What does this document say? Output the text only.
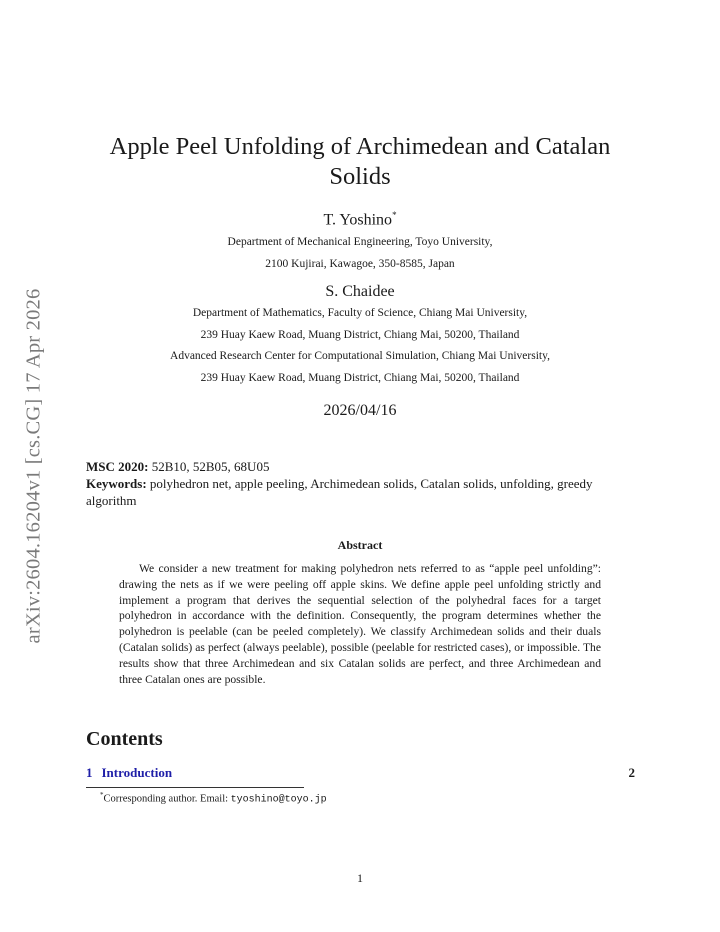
arXiv:2604.16204v1 [cs.CG] 17 Apr 2026
Apple Peel Unfolding of Archimedean and Catalan
Solids
T. Yoshino*
Department of Mechanical Engineering, Toyo University,
2100 Kujirai, Kawagoe, 350-8585, Japan
S. Chaidee
Department of Mathematics, Faculty of Science, Chiang Mai University,
239 Huay Kaew Road, Muang District, Chiang Mai, 50200, Thailand
Advanced Research Center for Computational Simulation, Chiang Mai University,
239 Huay Kaew Road, Muang District, Chiang Mai, 50200, Thailand
2026/04/16
MSC 2020: 52B10, 52B05, 68U05
Keywords: polyhedron net, apple peeling, Archimedean solids, Catalan solids, unfolding, greedy algorithm
Abstract
We consider a new treatment for making polyhedron nets referred to as “apple peel unfolding”: drawing the nets as if we were peeling off apple skins. We define apple peel unfolding strictly and implement a program that derives the sequential selection of the polyhedral faces for a target polyhedron in accordance with the definition. Consequently, the program determines whether the polyhedron is peelable (can be peeled completely). We classify Archimedean solids and their duals (Catalan solids) as perfect (always peelable), possible (peelable for restricted cases), or impossible. The results show that three Archimedean and six Catalan solids are perfect, and three Archimedean and three Catalan ones are possible.
Contents
1 Introduction	2
*Corresponding author. Email: tyoshino@toyo.jp
1
